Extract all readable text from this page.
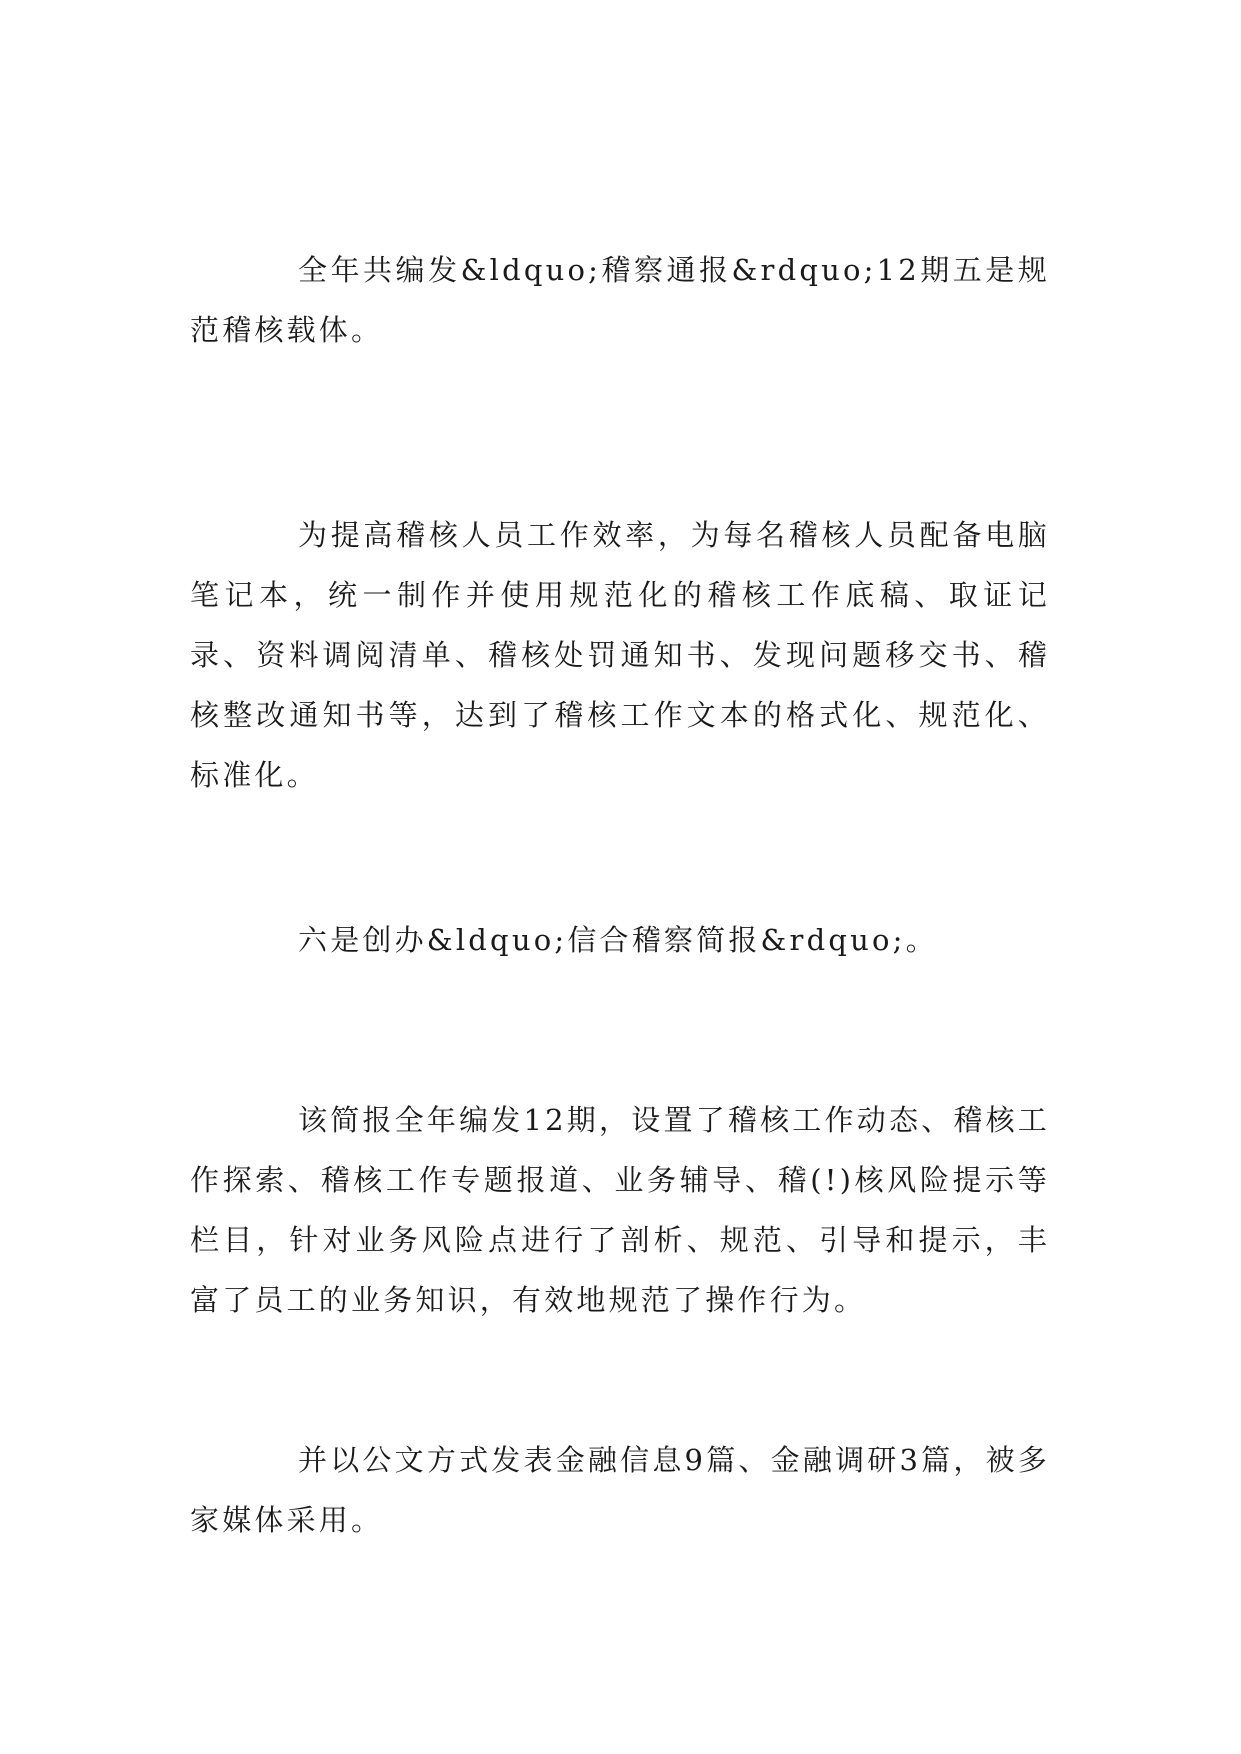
全年共编发&ldquo;稽察通报&rdquo;12期五是规范稽核载体。

为提高稽核人员工作效率，为每名稽核人员配备电脑笔记本，统一制作并使用规范化的稽核工作底稿、取证记录、资料调阅清单、稽核处罚通知书、发现问题移交书、稽核整改通知书等，达到了稽核工作文本的格式化、规范化、标准化。

六是创办&ldquo;信合稽察简报&rdquo;。

该简报全年编发12期，设置了稽核工作动态、稽核工作探索、稽核工作专题报道、业务辅导、稽(!)核风险提示等栏目，针对业务风险点进行了剖析、规范、引导和提示，丰富了员工的业务知识，有效地规范了操作行为。

并以公文方式发表金融信息9篇、金融调研3篇，被多家媒体采用。
